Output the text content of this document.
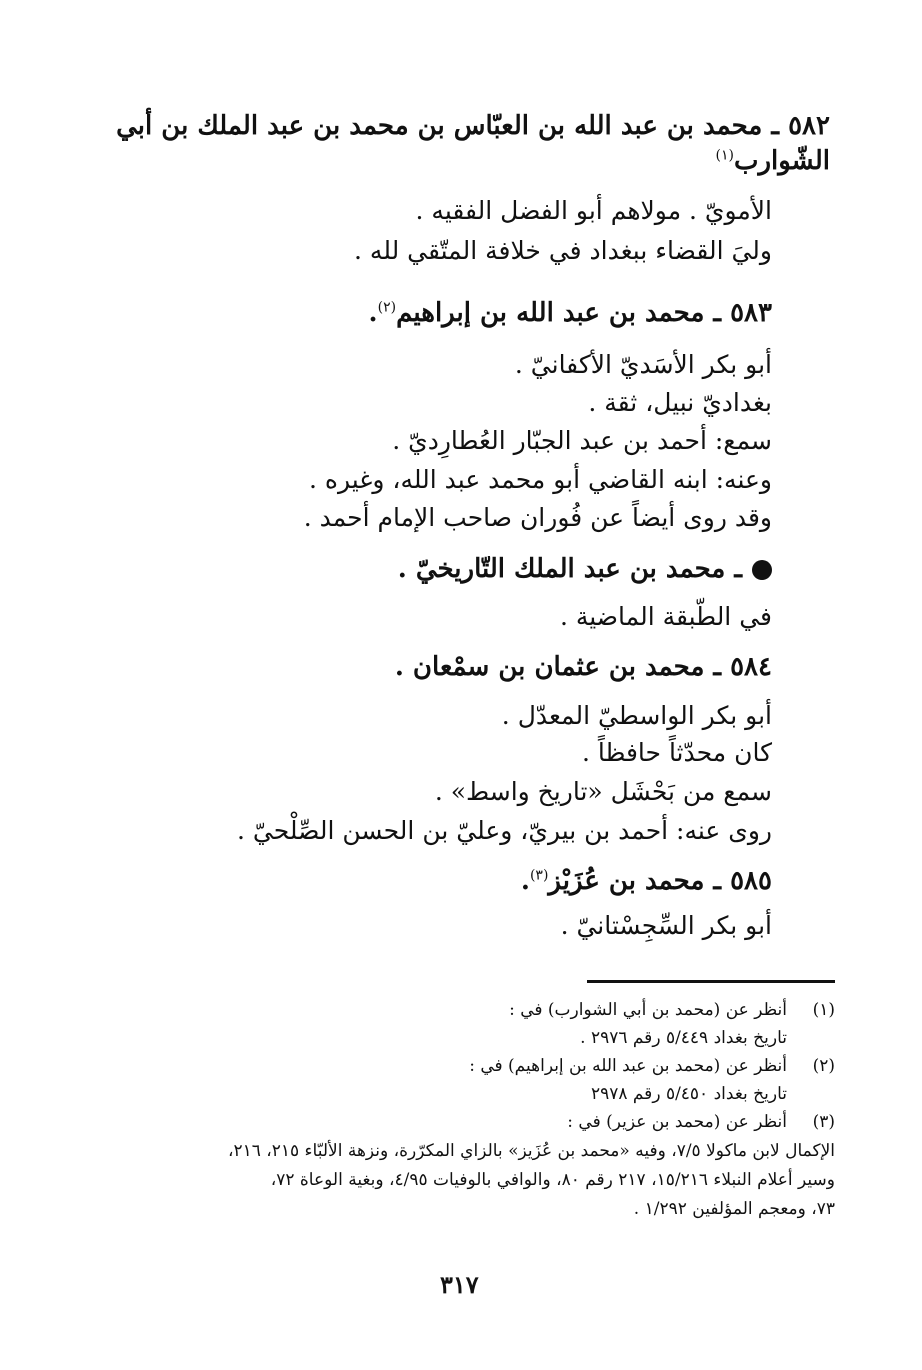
٥٨٢ ـ محمد بن عبد الله بن العبّاس بن محمد بن عبد الملك بن أبي
الشّوارب$^{(١)}$
الأمويّ . مولاهم أبو الفضل الفقيه .
وليَ القضاء ببغداد في خلافة المتّقي لله .
٥٨٣ ـ محمد بن عبد الله بن إبراهيم$^{(٢)}$.
أبو بكر الأسَديّ الأكفانيّ .
بغداديّ نبيل، ثقة .
سمع: أحمد بن عبد الجبّار العُطارِديّ .
وعنه: ابنه القاضي أبو محمد عبد الله، وغيره .
وقد روى أيضاً عن فُوران صاحب الإمام أحمد .
ـ محمد بن عبد الملك التّاريخيّ .
في الطّبقة الماضية .
٥٨٤ ـ محمد بن عثمان بن سمْعان .
أبو بكر الواسطيّ المعدّل .
كان محدّثاً حافظاً .
سمع من بَحْشَل «تاريخ واسط» .
روى عنه: أحمد بن بيريّ، وعليّ بن الحسن الصِّلْحيّ .
٥٨٥ ـ محمد بن عُزَيْز$^{(٣)}$.
أبو بكر السِّجِسْتانيّ .
(١)
أنظر عن (محمد بن أبي الشوارب) في :
تاريخ بغداد ٥/٤٤٩ رقم ٢٩٧٦ .
(٢)
أنظر عن (محمد بن عبد الله بن إبراهيم) في :
تاريخ بغداد ٥/٤٥٠ رقم ٢٩٧٨
(٣)
أنظر عن (محمد بن عزير) في :
الإكمال لابن ماكولا ٧/٥، وفيه «محمد بن عُزَيز» بالزاي المكرّرة، ونزهة الألبّاء ٢١٥، ٢١٦،
وسير أعلام النبلاء ١٥/٢١٦، ٢١٧ رقم ٨٠، والوافي بالوفيات ٤/٩٥، وبغية الوعاة ٧٢،
٧٣، ومعجم المؤلفين ١/٢٩٢ .
٣١٧
